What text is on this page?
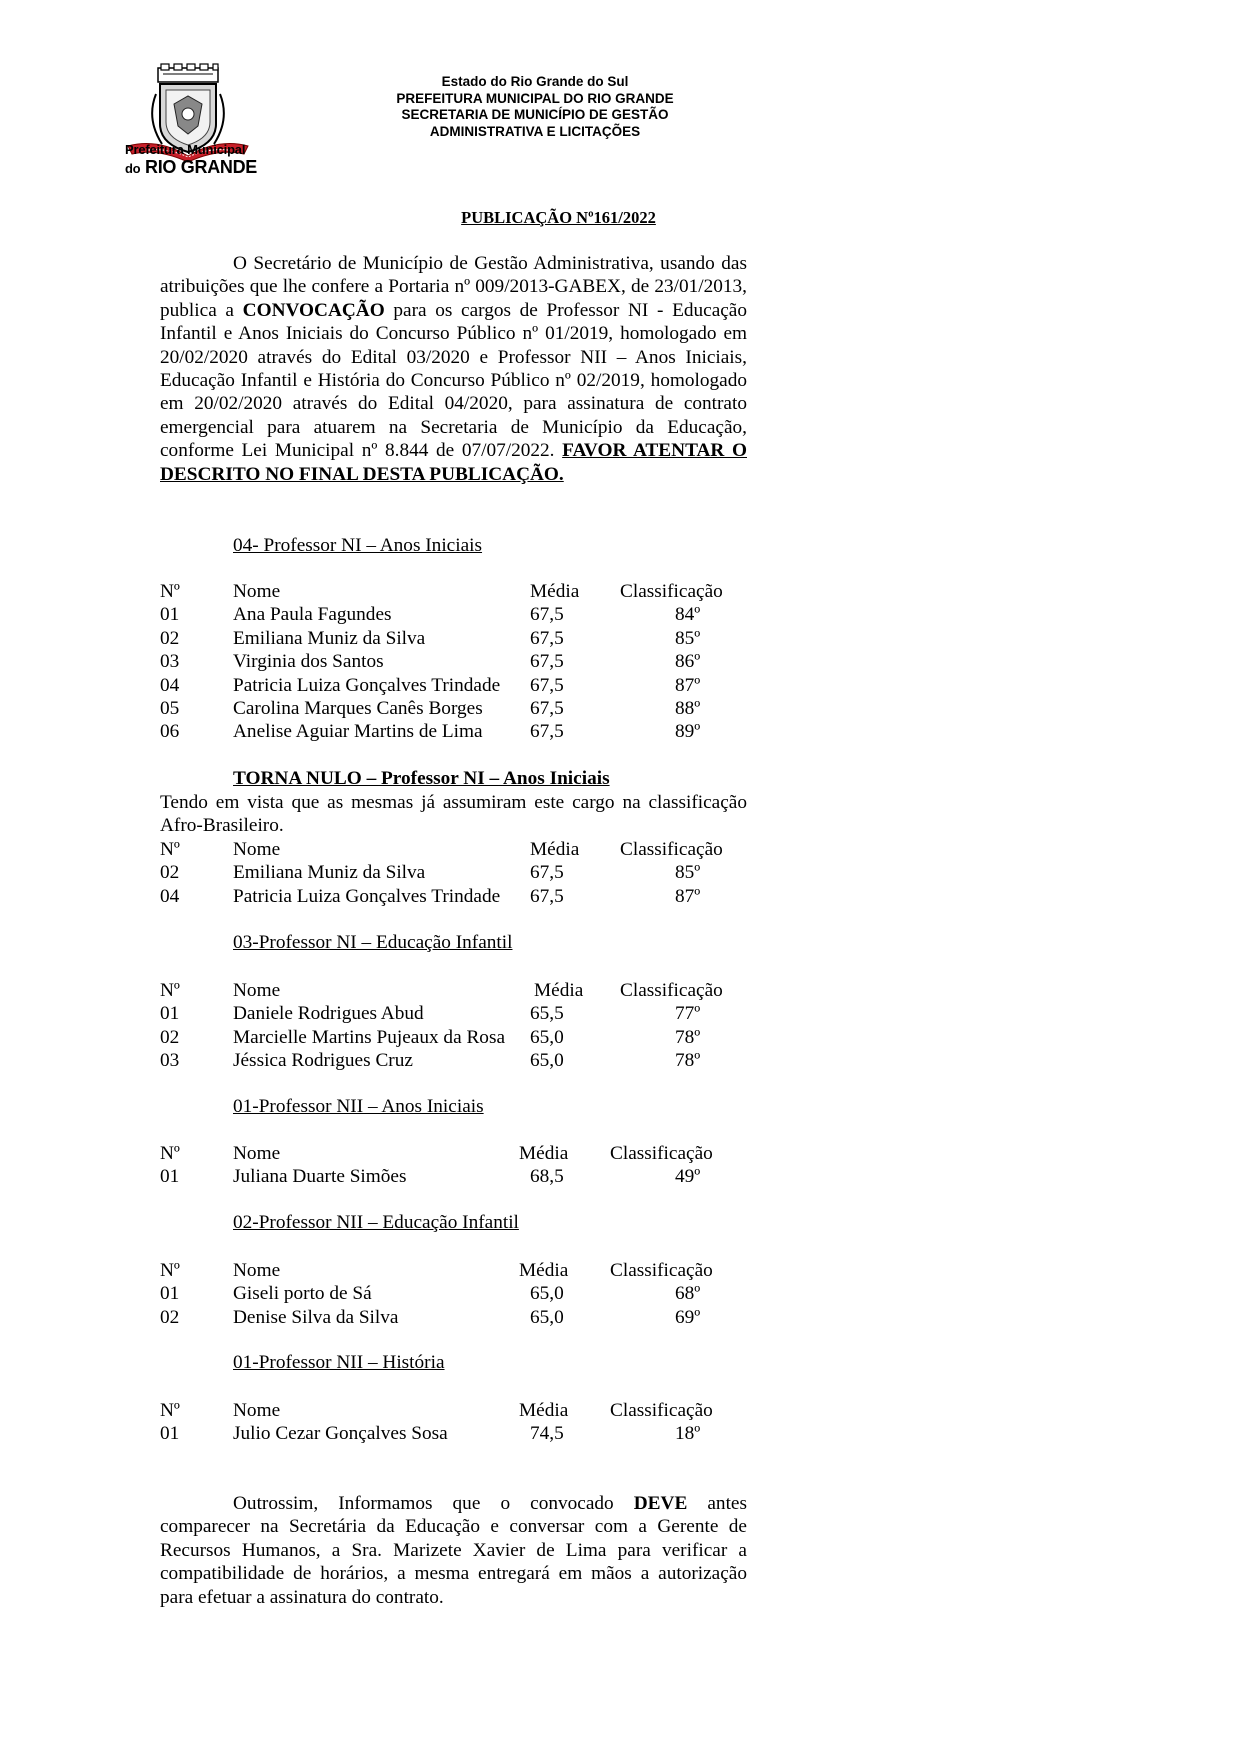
Prefeitura Municipal
do RIO GRANDE
Estado do Rio Grande do Sul
PREFEITURA MUNICIPAL DO RIO GRANDE
SECRETARIA DE MUNICÍPIO DE GESTÃO
ADMINISTRATIVA E LICITAÇÕES
PUBLICAÇÃO Nº161/2022
O Secretário de Município de Gestão Administrativa, usando das atribuições que lhe confere a Portaria nº 009/2013-GABEX, de 23/01/2013, publica a CONVOCAÇÃO para os cargos de Professor NI - Educação Infantil e Anos Iniciais do Concurso Público nº 01/2019, homologado em 20/02/2020 através do Edital 03/2020 e Professor NII – Anos Iniciais, Educação Infantil e História do Concurso Público nº 02/2019, homologado em 20/02/2020 através do Edital 04/2020, para assinatura de contrato emergencial para atuarem na Secretaria de Município da Educação, conforme Lei Municipal nº 8.844 de 07/07/2022. FAVOR ATENTAR O DESCRITO NO FINAL DESTA PUBLICAÇÃO.
04- Professor NI – Anos Iniciais
Nº	Nome	Média Classificação
01	Ana Paula Fagundes	67,5	84º
02	Emiliana Muniz da Silva	67,5	85º
03	Virginia dos Santos	67,5	86º
04	Patricia Luiza Gonçalves Trindade 67,5	87º
05	Carolina Marques Canês Borges 67,5	88º
06	Anelise Aguiar Martins de Lima 67,5	89º
TORNA NULO – Professor NI – Anos Iniciais
Tendo em vista que as mesmas já assumiram este cargo na classificação Afro-Brasileiro.
Nº	Nome	Média Classificação
02	Emiliana Muniz da Silva	67,5	85º
04	Patricia Luiza Gonçalves Trindade 67,5	87º
03-Professor NI – Educação Infantil
Nº	Nome	Média Classificação
01	Daniele Rodrigues Abud	65,5	77º
02	Marcielle Martins Pujeaux da Rosa 65,0	78º
03	Jéssica Rodrigues Cruz	65,0	78º
01-Professor NII – Anos Iniciais
Nº	Nome	Média Classificação
01	Juliana Duarte Simões	68,5	49º
02-Professor NII – Educação Infantil
Nº	Nome	Média Classificação
01	Giseli porto de Sá	65,0	68º
02	Denise Silva da Silva	65,0	69º
01-Professor NII – História
Nº	Nome	Média Classificação
01	Julio Cezar Gonçalves Sosa	74,5	18º
Outrossim, Informamos que o convocado DEVE antes comparecer na Secretária da Educação e conversar com a Gerente de Recursos Humanos, a Sra. Marizete Xavier de Lima para verificar a compatibilidade de horários, a mesma entregará em mãos a autorização para efetuar a assinatura do contrato.
